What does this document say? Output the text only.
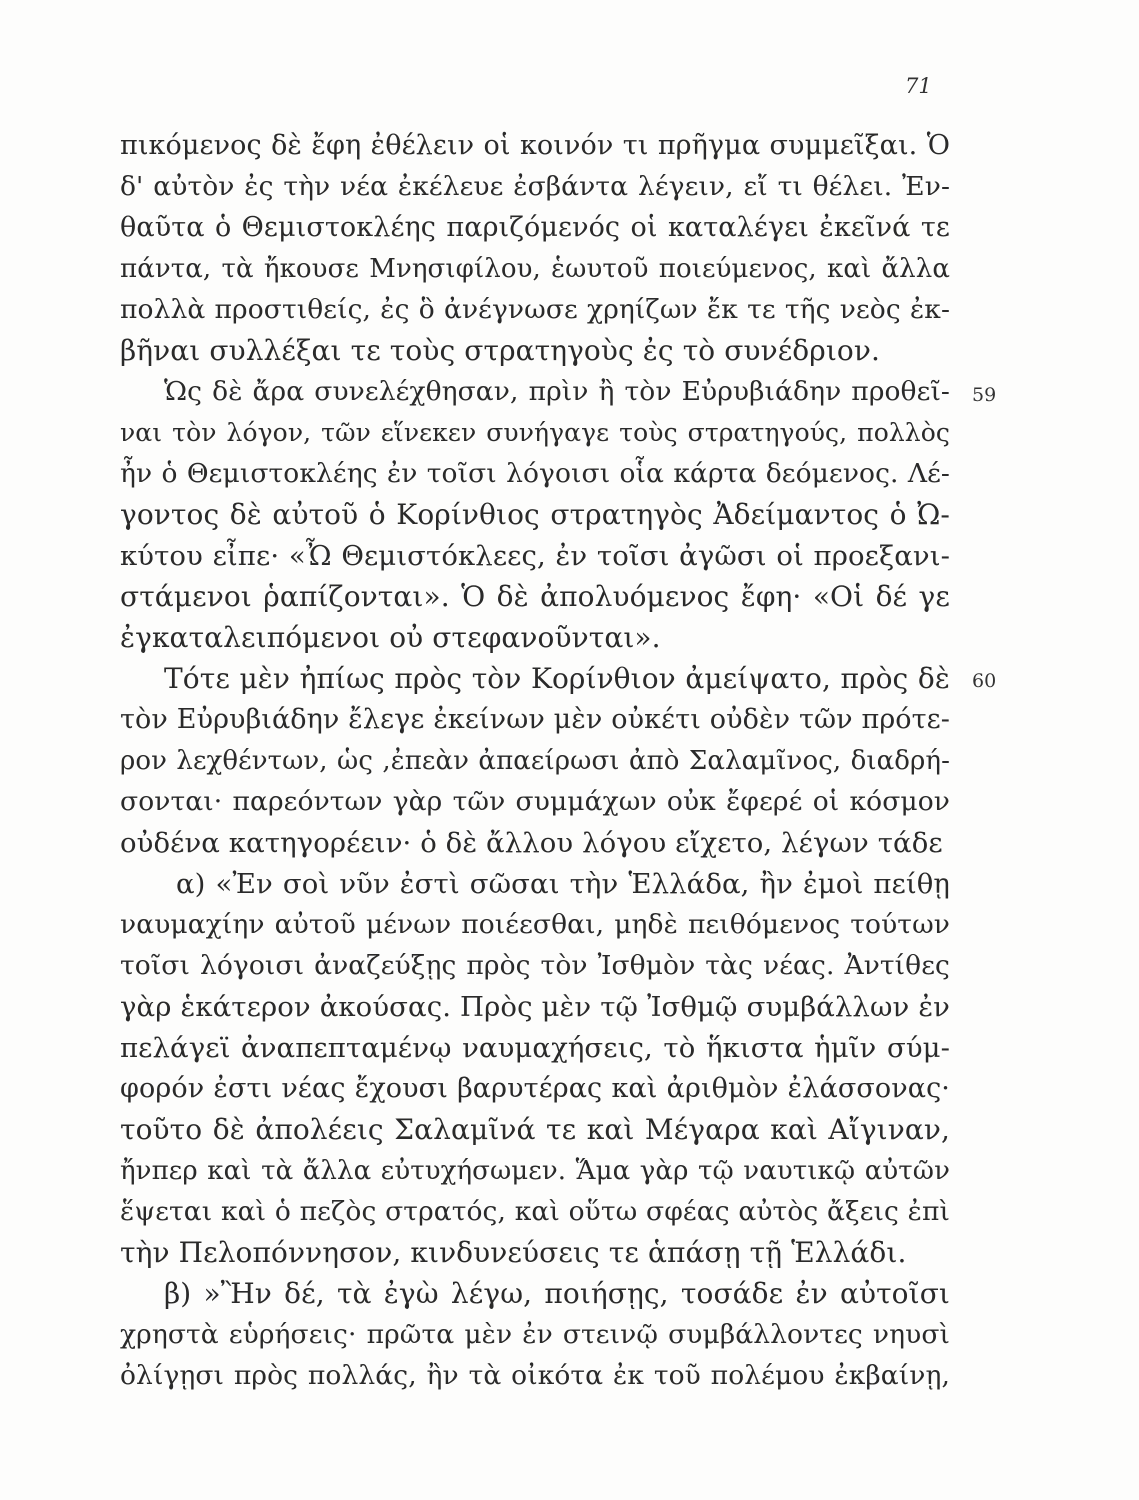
71
πικόμενος δὲ ἔφη ἐθέλειν οἱ κοινόν τι πρῆγμα συμμεῖξαι. Ὁ
δ' αὐτὸν ἐς τὴν νέα ἐκέλευε ἐσβάντα λέγειν, εἴ τι θέλει. Ἐν-
θαῦτα ὁ Θεμιστοκλέης παριζόμενός οἱ καταλέγει ἐκεῖνά τε
πάντα, τὰ ἤκουσε Μνησιφίλου, ἑωυτοῦ ποιεύμενος, καὶ ἄλλα
πολλὰ προστιθείς, ἐς ὃ ἀνέγνωσε χρηίζων ἔκ τε τῆς νεὸς ἐκ-
βῆναι συλλέξαι τε τοὺς στρατηγοὺς ἐς τὸ συνέδριον.
Ὡς δὲ ἄρα συνελέχθησαν, πρὶν ἢ τὸν Εὐρυβιάδην προθεῖ-
ναι τὸν λόγον, τῶν εἵνεκεν συνήγαγε τοὺς στρατηγούς, πολλὸς
ἦν ὁ Θεμιστοκλέης ἐν τοῖσι λόγοισι οἷα κάρτα δεόμενος. Λέ-
γοντος δὲ αὐτοῦ ὁ Κορίνθιος στρατηγὸς Ἀδείμαντος ὁ Ὠ-
κύτου εἶπε· «Ὦ Θεμιστόκλεες, ἐν τοῖσι ἀγῶσι οἱ προεξανι-
στάμενοι ῥαπίζονται». Ὁ δὲ ἀπολυόμενος ἔφη· «Οἱ δέ γε
ἐγκαταλειπόμενοι οὐ στεφανοῦνται».
Τότε μὲν ἠπίως πρὸς τὸν Κορίνθιον ἀμείψατο, πρὸς δὲ
τὸν Εὐρυβιάδην ἔλεγε ἐκείνων μὲν οὐκέτι οὐδὲν τῶν πρότε-
ρον λεχθέντων, ὡς ,ἐπεὰν ἀπαείρωσι ἀπὸ Σαλαμῖνος, διαδρή-
σονται· παρεόντων γὰρ τῶν συμμάχων οὐκ ἔφερέ οἱ κόσμον
οὐδένα κατηγορέειν· ὁ δὲ ἄλλου λόγου εἴχετο, λέγων τάδε
α) «Ἐν σοὶ νῦν ἐστὶ σῶσαι τὴν Ἑλλάδα, ἢν ἐμοὶ πείθῃ
ναυμαχίην αὐτοῦ μένων ποιέεσθαι, μηδὲ πειθόμενος τούτων
τοῖσι λόγοισι ἀναζεύξῃς πρὸς τὸν Ἰσθμὸν τὰς νέας. Ἀντίθες
γὰρ ἑκάτερον ἀκούσας. Πρὸς μὲν τῷ Ἰσθμῷ συμβάλλων ἐν
πελάγεϊ ἀναπεπταμένῳ ναυμαχήσεις, τὸ ἥκιστα ἡμῖν σύμ-
φορόν ἐστι νέας ἔχουσι βαρυτέρας καὶ ἀριθμὸν ἐλάσσονας·
τοῦτο δὲ ἀπολέεις Σαλαμῖνά τε καὶ Μέγαρα καὶ Αἴγιναν,
ἤνπερ καὶ τὰ ἄλλα εὐτυχήσωμεν. Ἅμα γὰρ τῷ ναυτικῷ αὐτῶν
ἕψεται καὶ ὁ πεζὸς στρατός, καὶ οὕτω σφέας αὐτὸς ἄξεις ἐπὶ
τὴν Πελοπόννησον, κινδυνεύσεις τε ἁπάσῃ τῇ Ἑλλάδι.
β) »Ἢν δέ, τὰ ἐγὼ λέγω, ποιήσῃς, τοσάδε ἐν αὐτοῖσι
χρηστὰ εὑρήσεις· πρῶτα μὲν ἐν στεινῷ συμβάλλοντες νηυσὶ
ὀλίγῃσι πρὸς πολλάς, ἢν τὰ οἰκότα ἐκ τοῦ πολέμου ἐκβαίνῃ,
59
60
